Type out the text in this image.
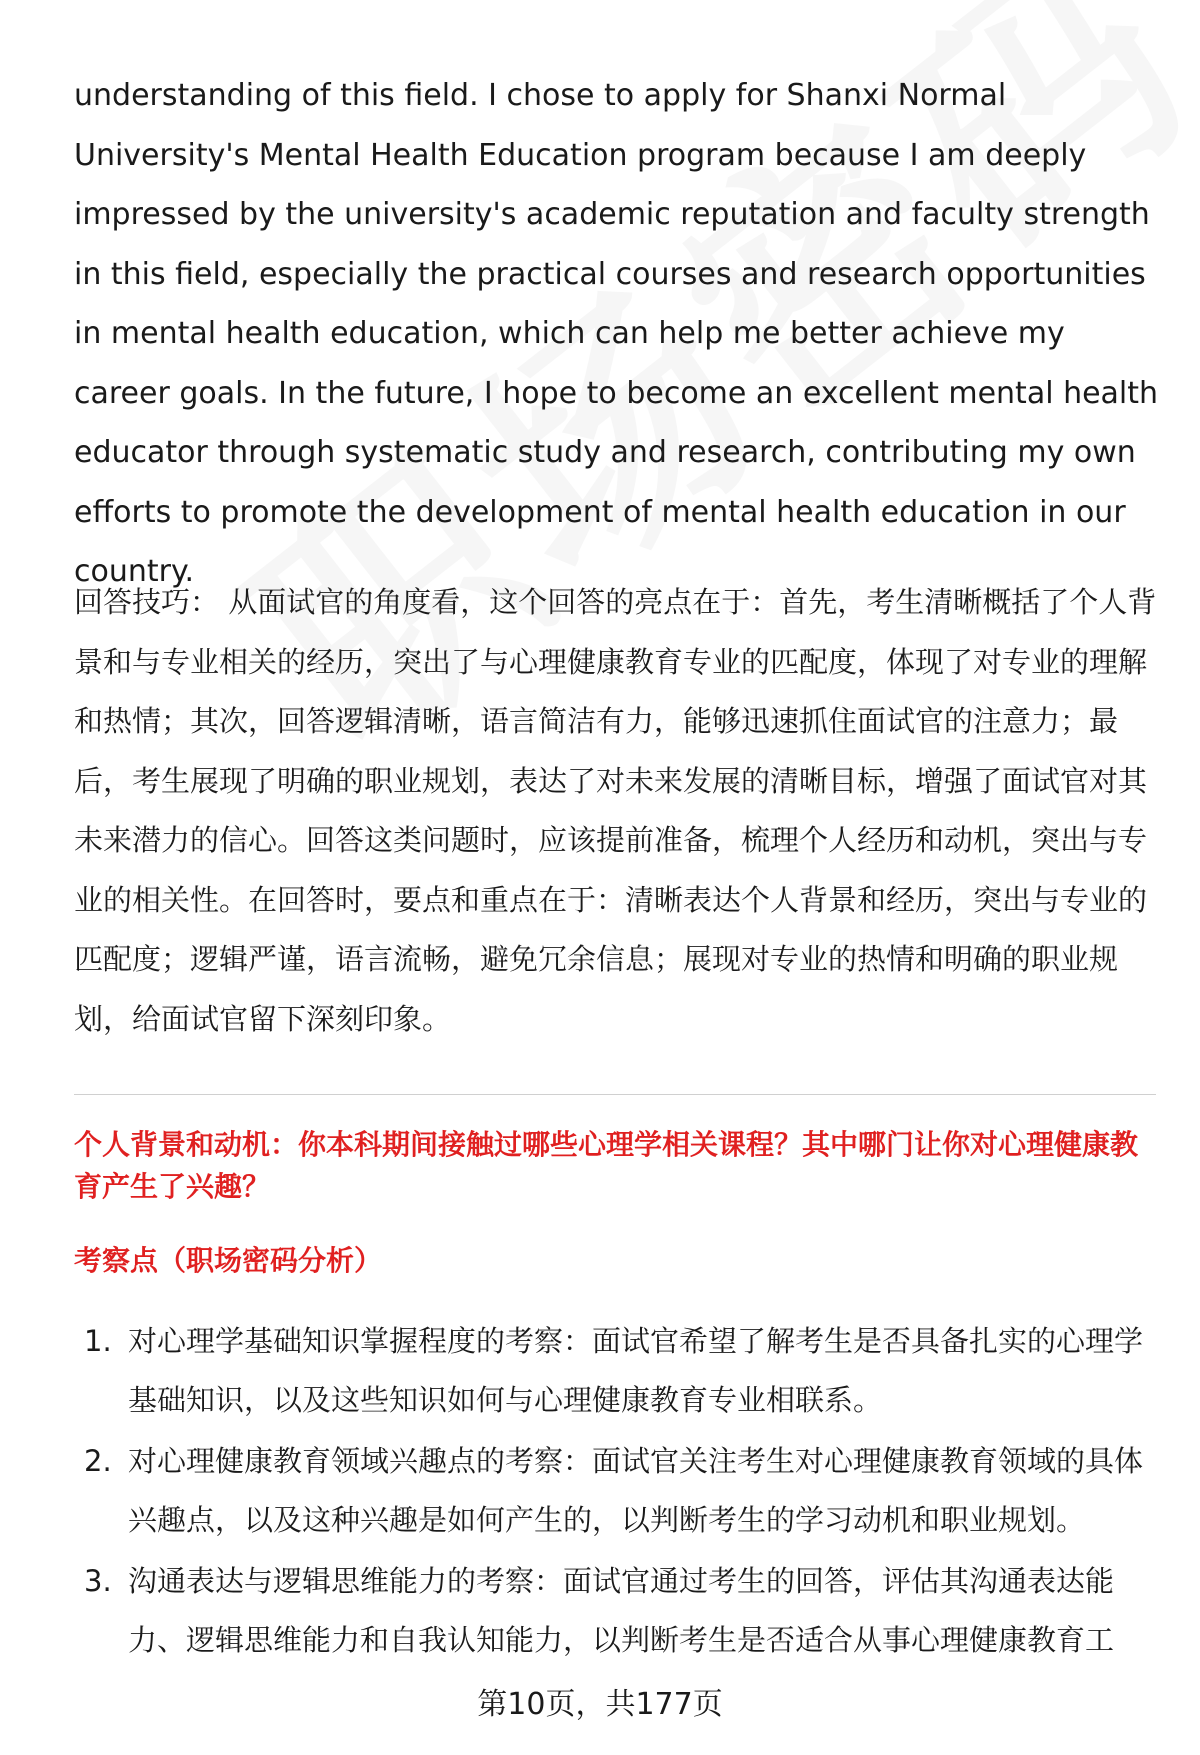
understanding of this field. I chose to apply for Shanxi Normal University's Mental Health Education program because I am deeply impressed by the university's academic reputation and faculty strength in this field, especially the practical courses and research opportunities in mental health education, which can help me better achieve my career goals. In the future, I hope to become an excellent mental health educator through systematic study and research, contributing my own efforts to promote the development of mental health education in our country.

回答技巧： 从面试官的角度看，这个回答的亮点在于：首先，考生清晰概括了个人背景和与专业相关的经历，突出了与心理健康教育专业的匹配度，体现了对专业的理解和热情；其次，回答逻辑清晰，语言简洁有力，能够迅速抓住面试官的注意力；最后，考生展现了明确的职业规划，表达了对未来发展的清晰目标，增强了面试官对其未来潜力的信心。回答这类问题时，应该提前准备，梳理个人经历和动机，突出与专业的相关性。在回答时，要点和重点在于：清晰表达个人背景和经历，突出与专业的匹配度；逻辑严谨，语言流畅，避免冗余信息；展现对专业的热情和明确的职业规划，给面试官留下深刻印象。

个人背景和动机：你本科期间接触过哪些心理学相关课程？其中哪门让你对心理健康教育产生了兴趣？

考察点（职场密码分析）

1. 对心理学基础知识掌握程度的考察：面试官希望了解考生是否具备扎实的心理学基础知识，以及这些知识如何与心理健康教育专业相联系。
2. 对心理健康教育领域兴趣点的考察：面试官关注考生对心理健康教育领域的具体兴趣点，以及这种兴趣是如何产生的，以判断考生的学习动机和职业规划。
3. 沟通表达与逻辑思维能力的考察：面试官通过考生的回答，评估其沟通表达能力、逻辑思维能力和自我认知能力，以判断考生是否适合从事心理健康教育工
第10页，共177页
